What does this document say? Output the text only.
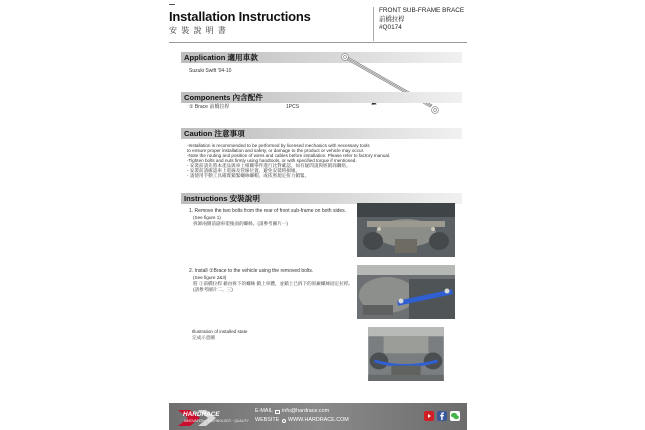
Installation Instructions
安 裝 說 明 書
FRONT SUB-FRAME BRACE
前橋拉桿
#Q0174
Application 適用車款
Suzuki Swift '04-10
Components 內含配件
① Brace 前橋拉桿	1PCS
Caution 注意事項
-Installation is recommended to be performed by licensed mechanics with necessary tools
to ensure proper installation and safety, or damage to the product or vehicle may occur.
-Note the routing and position of wires and cables before installation. Please refer to factory manual.
-Tighten bolts and nuts firmly using handtools, or with specified torque if mentioned.
- 安裝前請先將本產品與車上相關零件進行比對確認，如有疑問請與經銷商聯絡。
- 安裝前請確認車上電線及管線位置，避免安裝時損壞。
- 請使用手動工具確實鎖緊螺絲螺帽，或依照規定扭力鎖緊。
Instructions 安裝說明
1. Remove the two bolts from the rear of front sub-frame on both sides.
(See figure 1)
拆卸兩側前副車架後面的螺絲。(請參考圖片一)
2. Install ①Brace to the vehicle using the removed bolts.
(See figure 2&3)
將 ①前橋拉桿 藉由拆下的螺絲 鎖上車體，並鎖上已拆下的原廠螺絲固定拉桿。
(請參考圖片二、三)
Illustration of installed state
完成示意圖
HARDRACE
INNOVATION · TECHNOLOGY · QUALITY
E-MAIL info@hardrace.com
WEBSITE WWW.HARDRACE.COM
